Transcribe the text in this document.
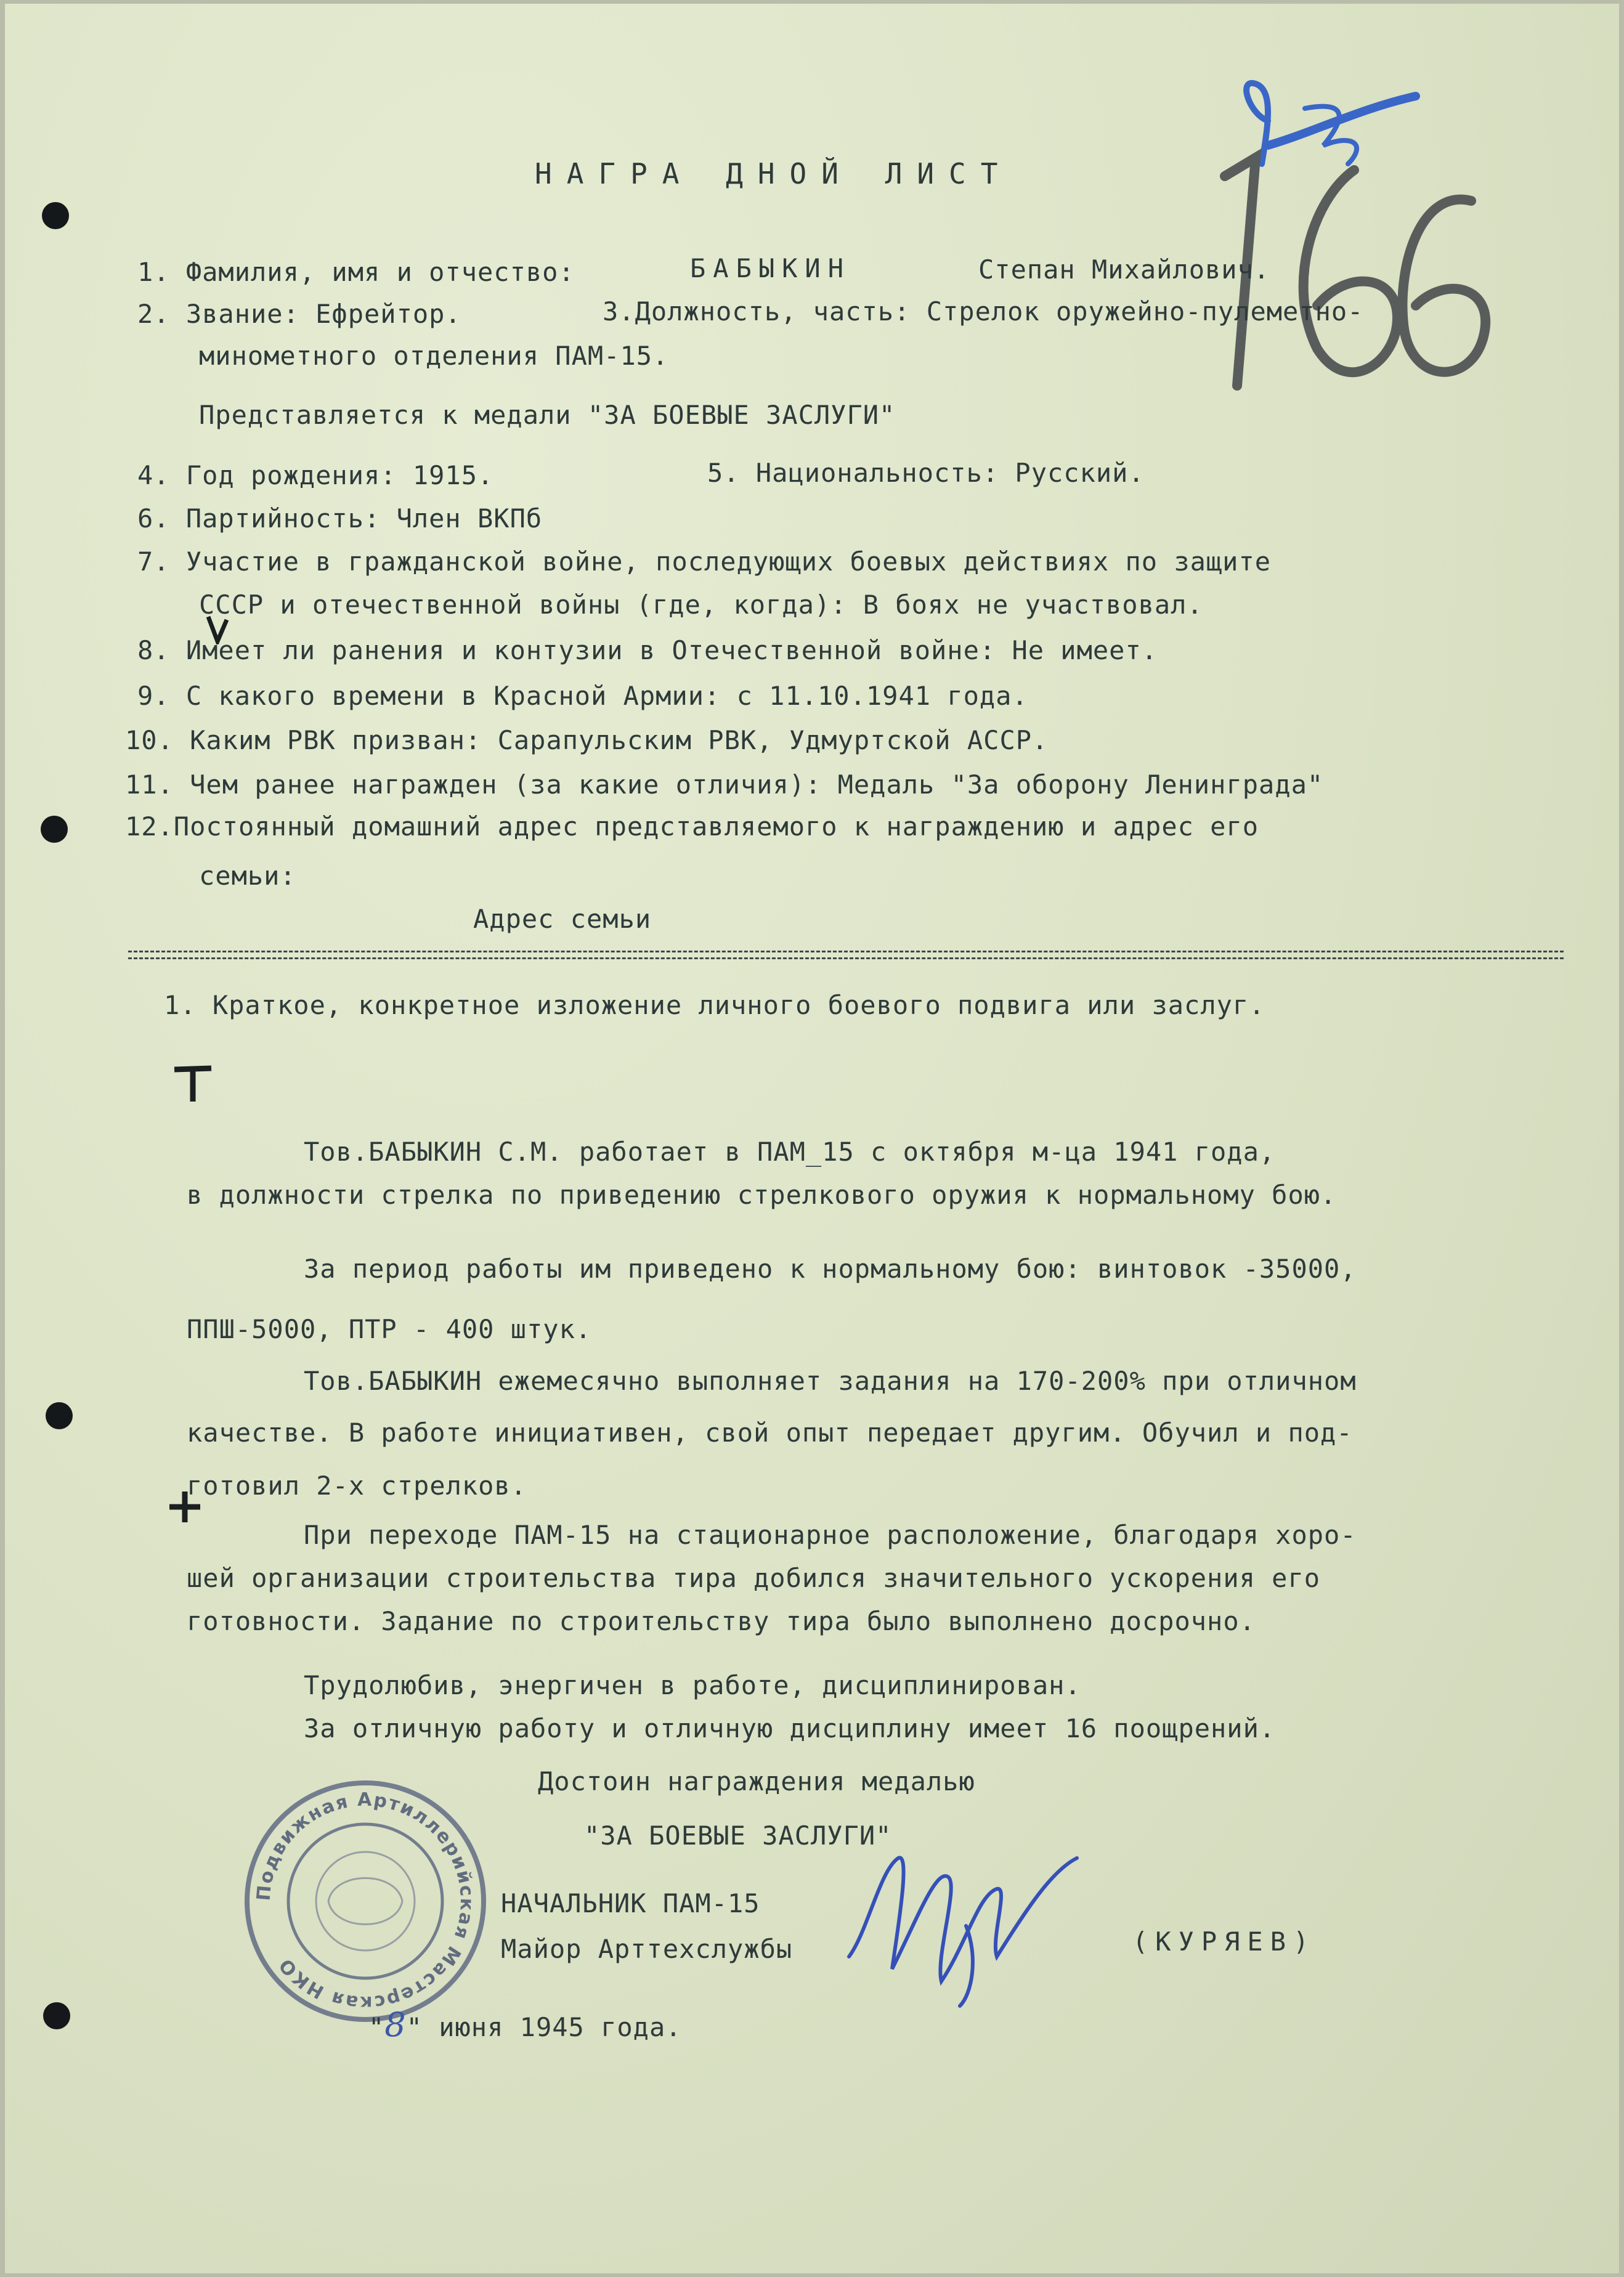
НАГРА ДНОЙ ЛИСТ
1. Фамилия, имя и отчество:	БАБЫКИН	Степан Михайлович.
2. Звание: Ефрейтор.	3.Должность, часть: Стрелок оружейно-пулеметно-
минометного отделения ПАМ-15.
Представляется к медали "ЗА БОЕВЫЕ ЗАСЛУГИ"
4. Год рождения: 1915.	5. Национальность: Русский.
6. Партийность: Член ВКПб
7. Участие в гражданской войне, последующих боевых действиях по защите
СССР и отечественной войны (где, когда): В боях не участвовал.
8. Имеет ли ранения и контузии в Отечественной войне: Не имеет.
9. С какого времени в Красной Армии: с 11.10.1941 года.
10. Каким РВК призван: Сарапульским РВК, Удмуртской АССР.
11. Чем ранее награжден (за какие отличия): Медаль "За оборону Ленинграда"
12.Постоянный домашний адрес представляемого к награждению и адрес его
семьи:
Адрес семьи
1. Краткое, конкретное изложение личного боевого подвига или заслуг.
Тов.БАБЫКИН С.М. работает в ПАМ_15 с октября м-ца 1941 года,
в должности стрелка по приведению стрелкового оружия к нормальному бою.
За период работы им приведено к нормальному бою: винтовок -35000,
ППШ-5000, ПТР - 400 штук.
Тов.БАБЫКИН ежемесячно выполняет задания на 170-200% при отличном
качестве. В работе инициативен, свой опыт передает другим. Обучил и под-
готовил 2-х стрелков.
При переходе ПАМ-15 на стационарное расположение, благодаря хоро-
шей организации строительства тира добился значительного ускорения его
готовности. Задание по строительству тира было выполнено досрочно.
Трудолюбив, энергичен в работе, дисциплинирован.
За отличную работу и отличную дисциплину имеет 16 поощрений.
Достоин награждения медалью
"ЗА БОЕВЫЕ ЗАСЛУГИ"
Подвижная Артиллерийская Мастерская НКО
НАЧАЛЬНИК ПАМ-15
Майор Арттехслужбы	(КУРЯЕВ)
"8" июня 1945 года.
